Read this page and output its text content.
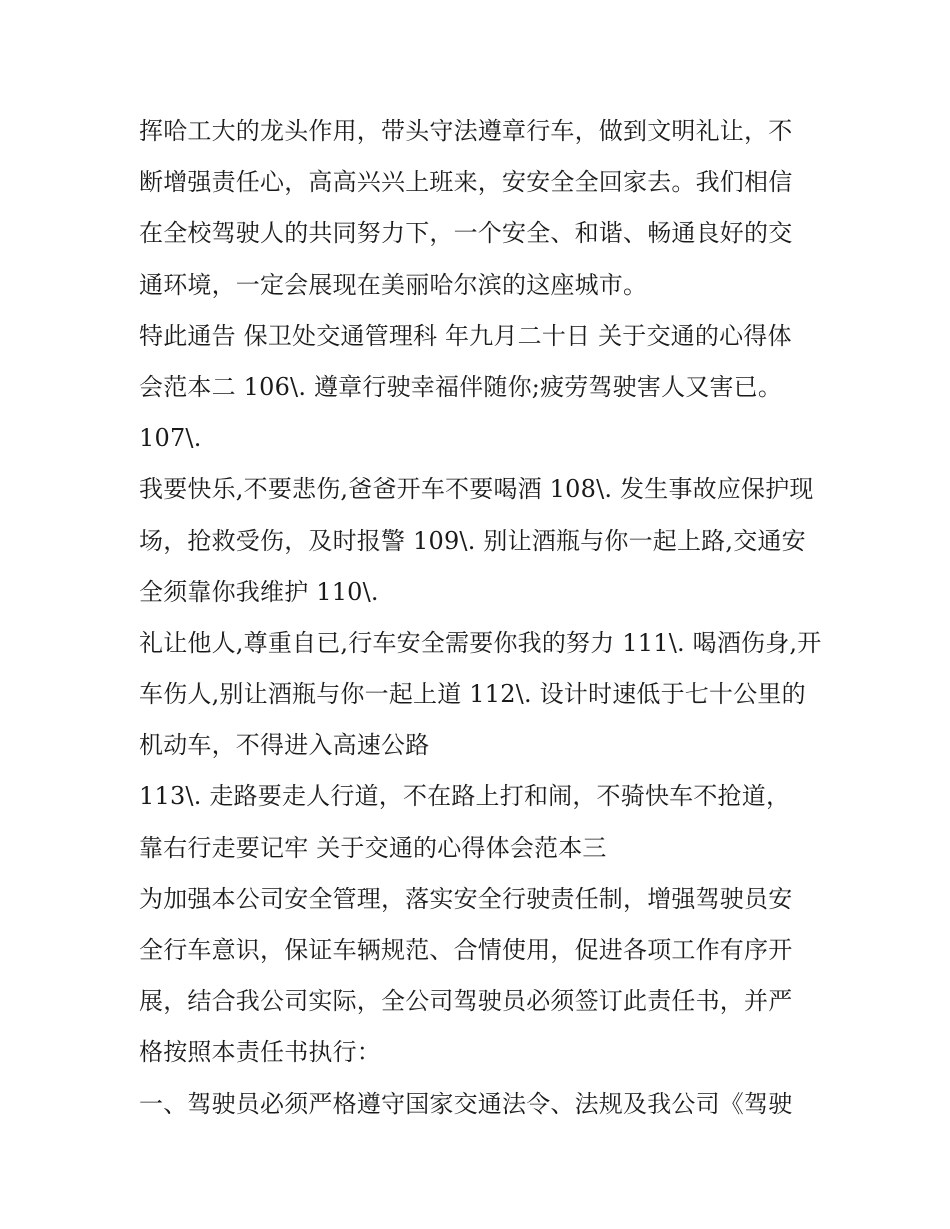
挥哈工大的龙头作用，带头守法遵章行车，做到文明礼让，不
断增强责任心，高高兴兴上班来，安安全全回家去。我们相信
在全校驾驶人的共同努力下，一个安全、和谐、畅通良好的交
通环境，一定会展现在美丽哈尔滨的这座城市。
特此通告 保卫处交通管理科 年九月二十日 关于交通的心得体
会范本二 106\. 遵章行驶幸福伴随你;疲劳驾驶害人又害已。
107\.
我要快乐,不要悲伤,爸爸开车不要喝酒 108\. 发生事故应保护现
场，抢救受伤，及时报警 109\. 别让酒瓶与你一起上路,交通安
全须靠你我维护 110\.
礼让他人,尊重自已,行车安全需要你我的努力 111\. 喝酒伤身,开
车伤人,别让酒瓶与你一起上道 112\. 设计时速低于七十公里的
机动车，不得进入高速公路
113\. 走路要走人行道，不在路上打和闹，不骑快车不抢道，
靠右行走要记牢 关于交通的心得体会范本三
为加强本公司安全管理，落实安全行驶责任制，增强驾驶员安
全行车意识，保证车辆规范、合情使用，促进各项工作有序开
展，结合我公司实际，全公司驾驶员必须签订此责任书，并严
格按照本责任书执行：
一、驾驶员必须严格遵守国家交通法令、法规及我公司《驾驶
